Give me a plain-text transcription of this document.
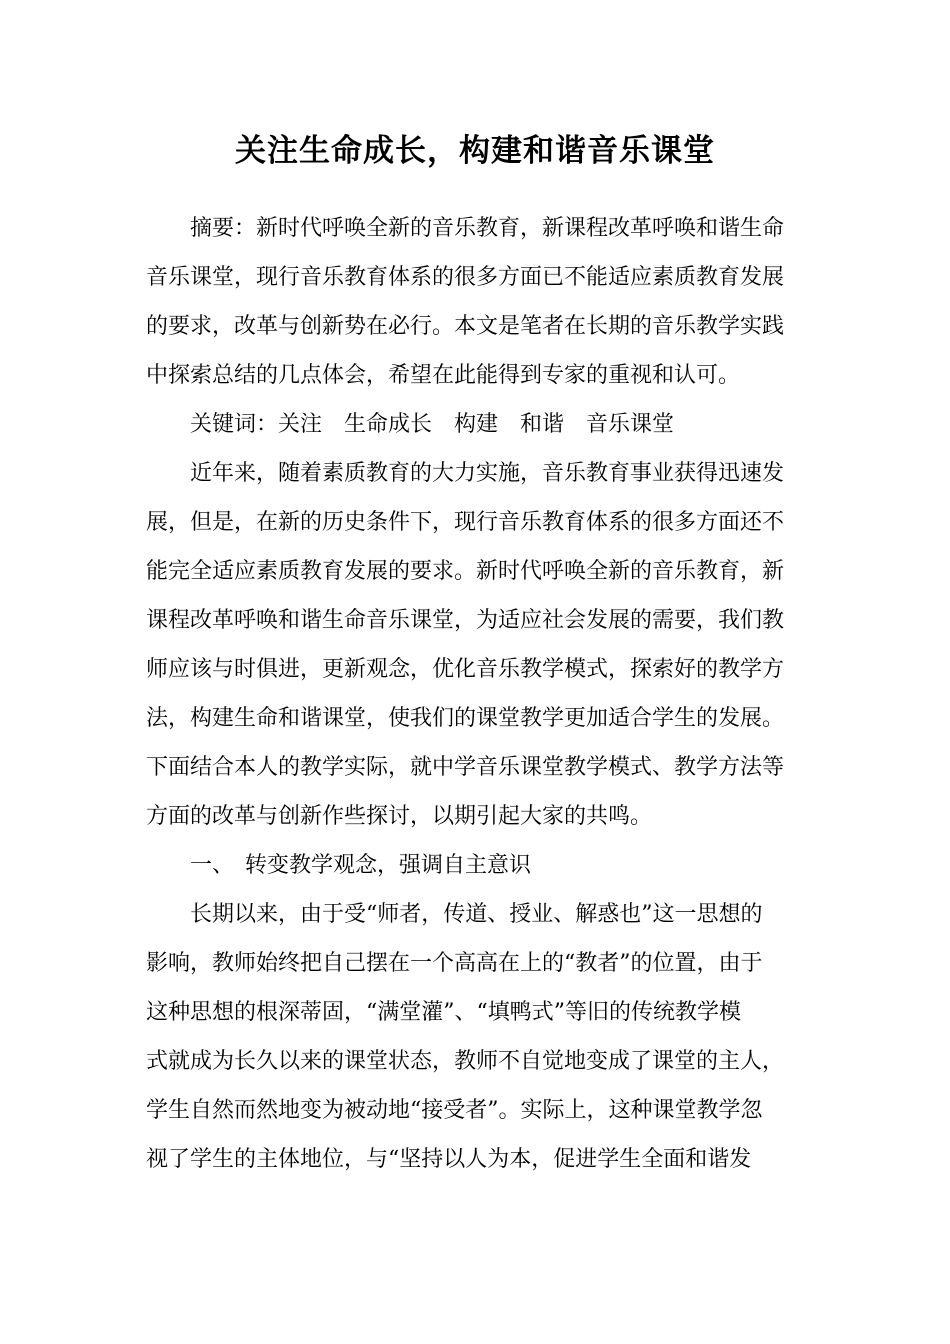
关注生命成长，构建和谐音乐课堂
摘要：新时代呼唤全新的音乐教育，新课程改革呼唤和谐生命
音乐课堂，现行音乐教育体系的很多方面已不能适应素质教育发展
的要求，改革与创新势在必行。本文是笔者在长期的音乐教学实践
中探索总结的几点体会，希望在此能得到专家的重视和认可。
关键词：关注　生命成长　构建　和谐　音乐课堂
近年来，随着素质教育的大力实施，音乐教育事业获得迅速发
展，但是，在新的历史条件下，现行音乐教育体系的很多方面还不
能完全适应素质教育发展的要求。新时代呼唤全新的音乐教育，新
课程改革呼唤和谐生命音乐课堂，为适应社会发展的需要，我们教
师应该与时俱进，更新观念，优化音乐教学模式，探索好的教学方
法，构建生命和谐课堂，使我们的课堂教学更加适合学生的发展。
下面结合本人的教学实际，就中学音乐课堂教学模式、教学方法等
方面的改革与创新作些探讨，以期引起大家的共鸣。
一、　转变教学观念，强调自主意识
长期以来，由于受“师者，传道、授业、解惑也”这一思想的
影响，教师始终把自己摆在一个高高在上的“教者”的位置，由于
这种思想的根深蒂固，“满堂灌”、“填鸭式”等旧的传统教学模
式就成为长久以来的课堂状态，教师不自觉地变成了课堂的主人，
学生自然而然地变为被动地“接受者”。实际上，这种课堂教学忽
视了学生的主体地位，与“坚持以人为本，促进学生全面和谐发
